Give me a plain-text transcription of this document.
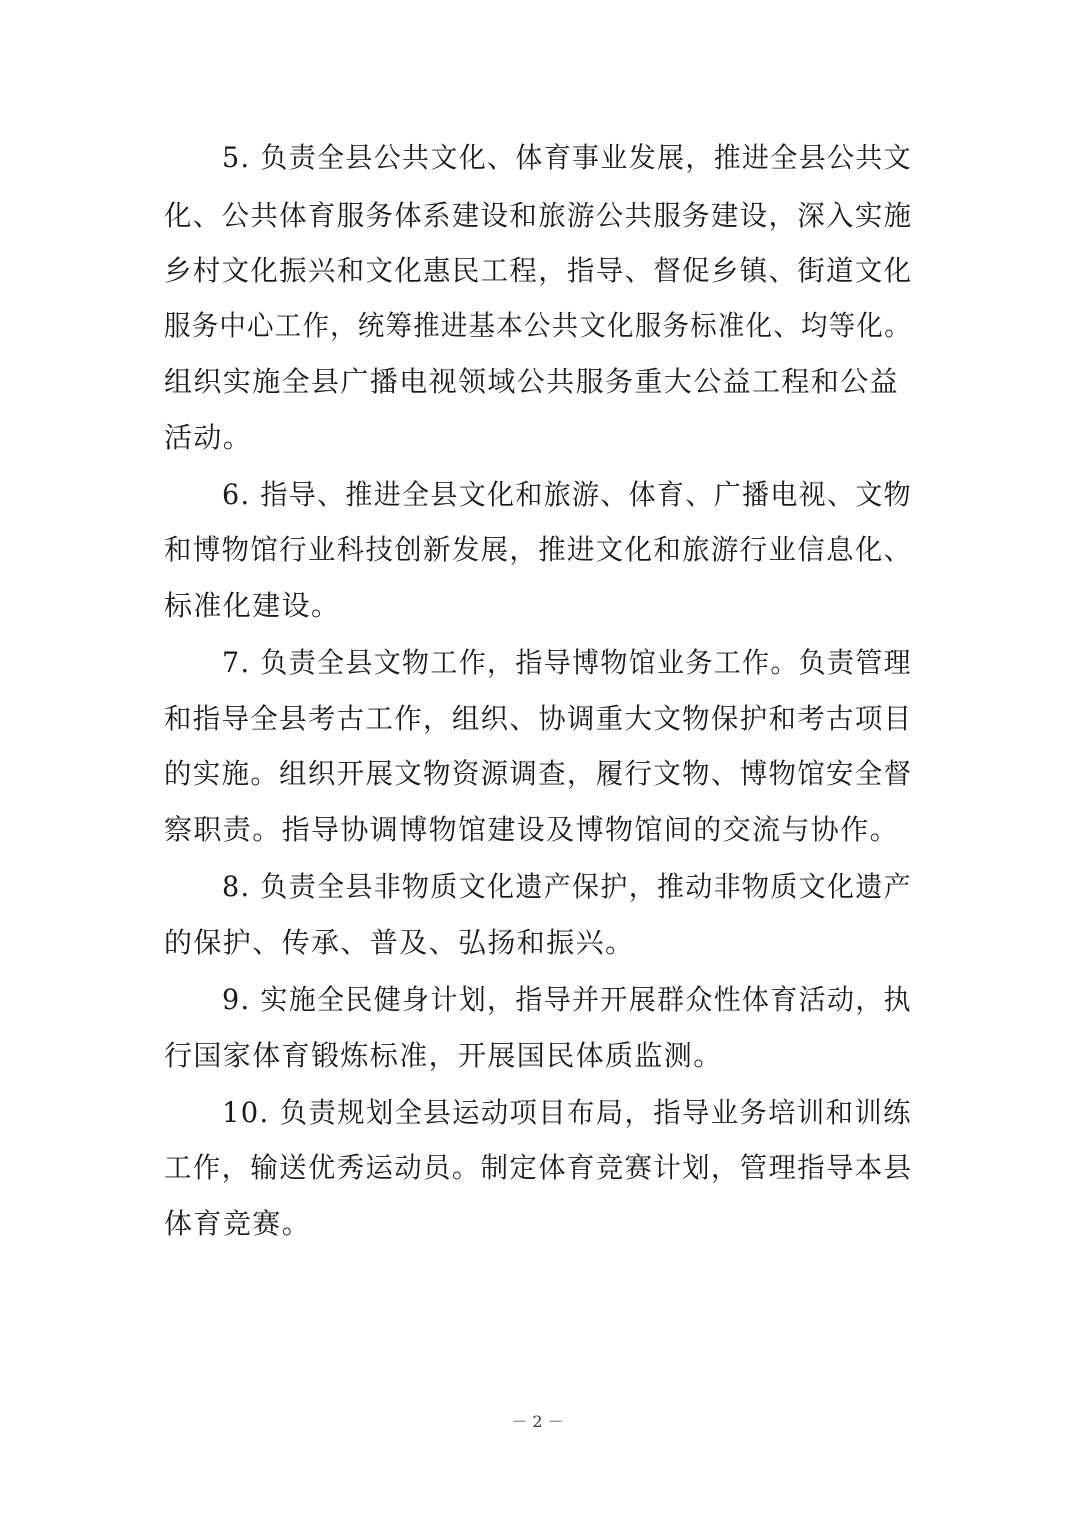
5. 负责全县公共文化、体育事业发展，推进全县公共文
化、公共体育服务体系建设和旅游公共服务建设，深入实施
乡村文化振兴和文化惠民工程，指导、督促乡镇、街道文化
服务中心工作，统筹推进基本公共文化服务标准化、均等化。
组织实施全县广播电视领域公共服务重大公益工程和公益
活动。
6. 指导、推进全县文化和旅游、体育、广播电视、文物
和博物馆行业科技创新发展，推进文化和旅游行业信息化、
标准化建设。
7. 负责全县文物工作，指导博物馆业务工作。负责管理
和指导全县考古工作，组织、协调重大文物保护和考古项目
的实施。组织开展文物资源调查，履行文物、博物馆安全督
察职责。指导协调博物馆建设及博物馆间的交流与协作。
8. 负责全县非物质文化遗产保护，推动非物质文化遗产
的保护、传承、普及、弘扬和振兴。
9. 实施全民健身计划，指导并开展群众性体育活动，执
行国家体育锻炼标准，开展国民体质监测。
10. 负责规划全县运动项目布局，指导业务培训和训练
工作，输送优秀运动员。制定体育竞赛计划，管理指导本县
体育竞赛。
－ 2 －
